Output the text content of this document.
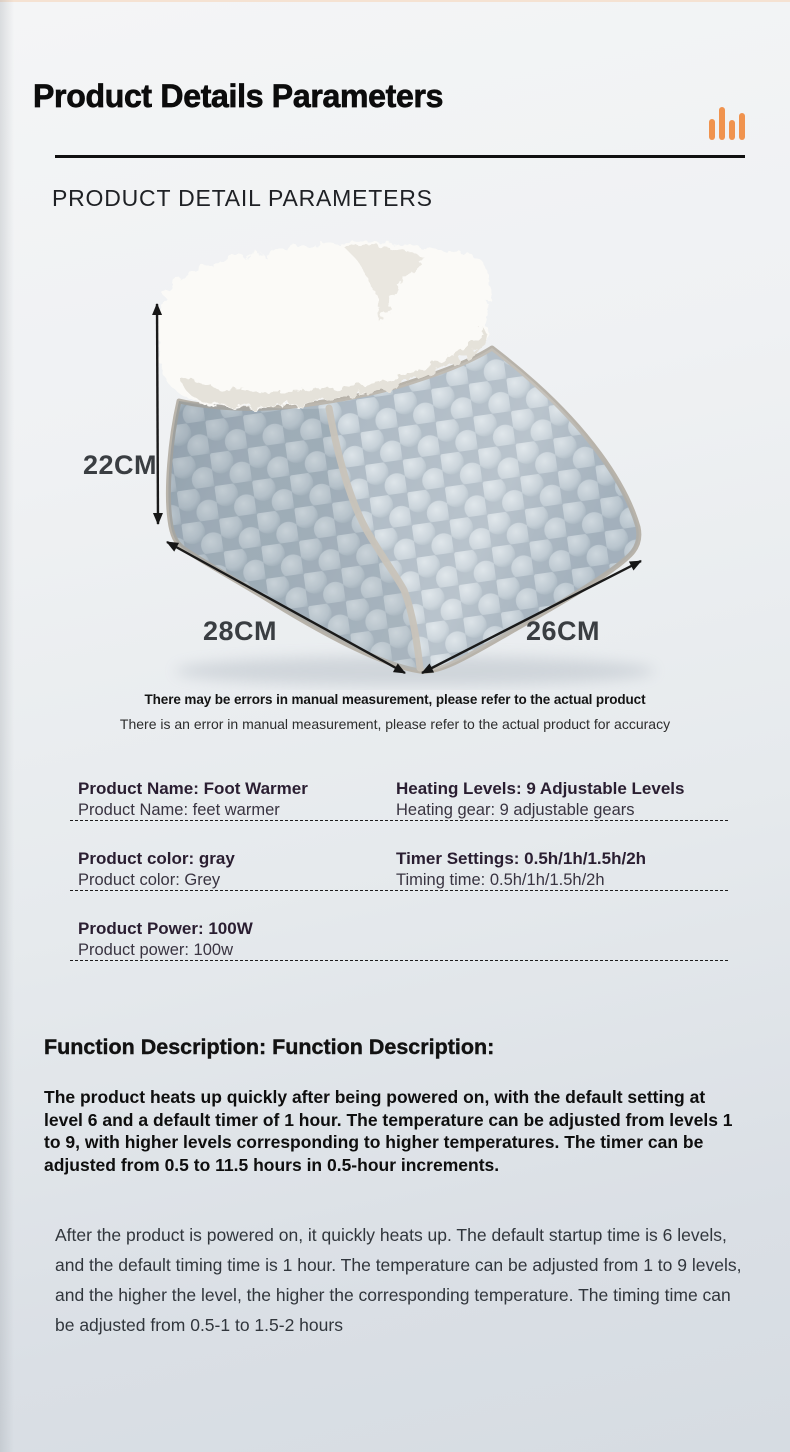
Product Details Parameters
PRODUCT DETAIL PARAMETERS
22CM
28CM	26CM
There may be errors in manual measurement, please refer to the actual product
There is an error in manual measurement, please refer to the actual product for accuracy
Product Name: Foot Warmer
Product Name: feet warmer
Heating Levels: 9 Adjustable Levels
Heating gear: 9 adjustable gears
Product color: gray
Product color: Grey
Timer Settings: 0.5h/1h/1.5h/2h
Timing time: 0.5h/1h/1.5h/2h
Product Power: 100W
Product power: 100w
Function Description: Function Description:
The product heats up quickly after being powered on, with the default setting at level 6 and a default timer of 1 hour. The temperature can be adjusted from levels 1 to 9, with higher levels corresponding to higher temperatures. The timer can be adjusted from 0.5 to 11.5 hours in 0.5-hour increments.
After the product is powered on, it quickly heats up. The default startup time is 6 levels, and the default timing time is 1 hour. The temperature can be adjusted from 1 to 9 levels, and the higher the level, the higher the corresponding temperature. The timing time can be adjusted from 0.5-1 to 1.5-2 hours
